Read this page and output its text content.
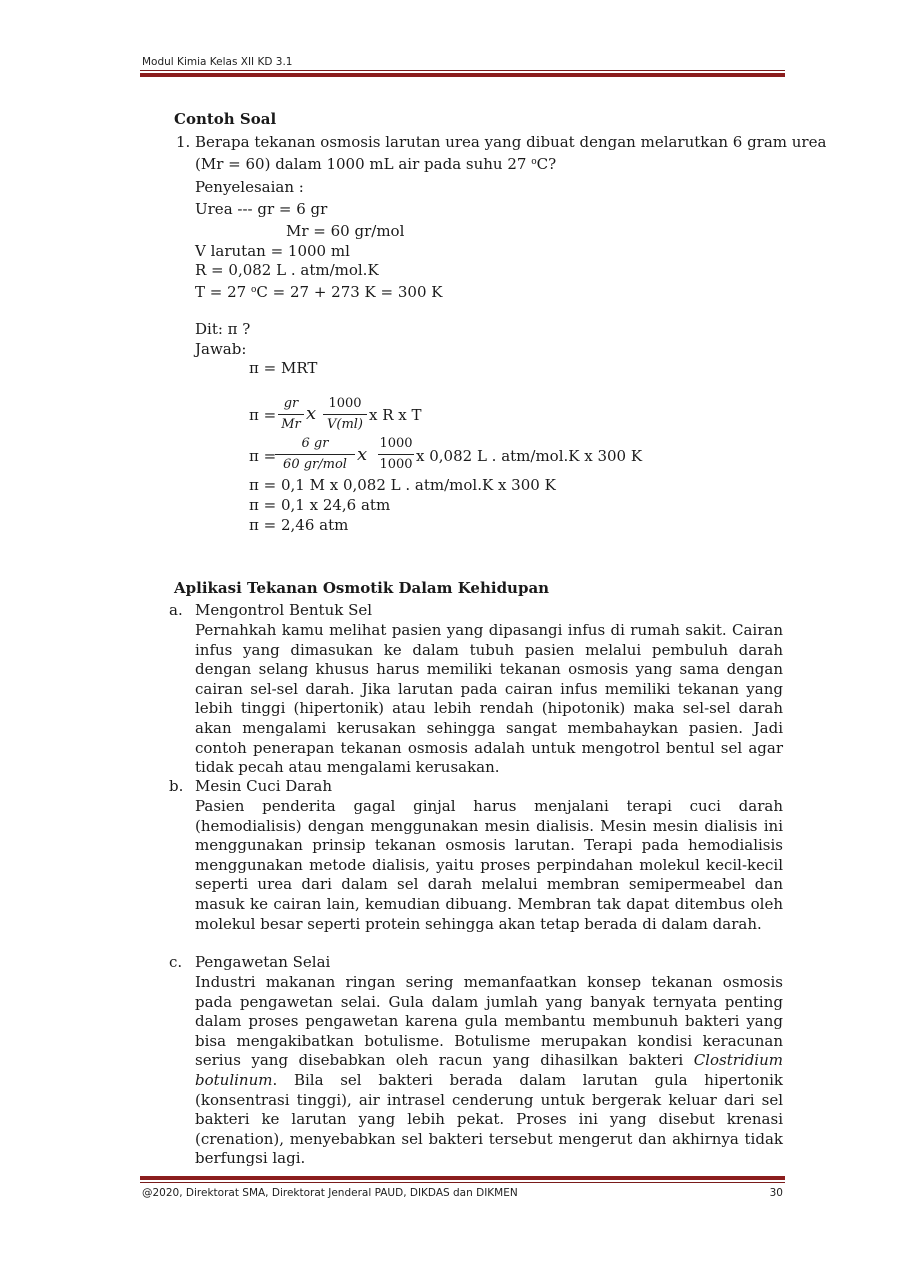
Modul Kimia Kelas XII KD 3.1
Contoh Soal
1. Berapa tekanan osmosis larutan urea yang dibuat dengan melarutkan 6 gram urea
(Mr = 60) dalam 1000 mL air pada suhu 27 $^o$C?
Penyelesaian :
Urea --- gr = 6 gr
Mr = 60 gr/mol
V larutan = 1000 ml
R = 0,082 L . atm/mol.K
T = 27 $^o$C = 27 + 273 K = 300 K
Dit: π ?
Jawab:
π = MRT
$\pi = \frac{gr}{Mr}$ x $\frac{1000}{V(ml)}$ x R x T
π =
6 gr
60 gr/mol x $\frac{1000}{1000}$ x 0,082 L . atm/mol.K x 300 K
π = 0,1 M x 0,082 L . atm/mol.K x 300 K
π = 0,1 x 24,6 atm
π = 2,46 atm
Aplikasi Tekanan Osmotik Dalam Kehidupan
a. Mengontrol Bentuk Sel
Pernahkah kamu melihat pasien yang dipasangi infus di rumah sakit. Cairan infus yang dimasukan ke dalam tubuh pasien melalui pembuluh darah dengan selang khusus harus memiliki tekanan osmosis yang sama dengan cairan sel-sel darah. Jika larutan pada cairan infus memiliki tekanan yang lebih tinggi (hipertonik) atau lebih rendah (hipotonik) maka sel-sel darah akan mengalami kerusakan sehingga sangat membahaykan pasien. Jadi contoh penerapan tekanan osmosis adalah untuk mengotrol bentul sel agar tidak pecah atau mengalami kerusakan.
b. Mesin Cuci Darah
Pasien penderita gagal ginjal harus menjalani terapi cuci darah (hemodialisis) dengan menggunakan mesin dialisis. Mesin mesin dialisis ini menggunakan prinsip tekanan osmosis larutan. Terapi pada hemodialisis menggunakan metode dialisis, yaitu proses perpindahan molekul kecil-kecil seperti urea dari dalam sel darah melalui membran semipermeabel dan masuk ke cairan lain, kemudian dibuang. Membran tak dapat ditembus oleh molekul besar seperti protein sehingga akan tetap berada di dalam darah.
c. Pengawetan Selai
Industri makanan ringan sering memanfaatkan konsep tekanan osmosis pada pengawetan selai. Gula dalam jumlah yang banyak ternyata penting dalam proses pengawetan karena gula membantu membunuh bakteri yang bisa mengakibatkan botulisme. Botulisme merupakan kondisi keracunan serius yang disebabkan oleh racun yang dihasilkan bakteri Clostridium botulinum. Bila sel bakteri berada dalam larutan gula hipertonik (konsentrasi tinggi), air intrasel cenderung untuk bergerak keluar dari sel bakteri ke larutan yang lebih pekat. Proses ini yang disebut krenasi (crenation), menyebabkan sel bakteri tersebut mengerut dan akhirnya tidak berfungsi lagi.
@2020, Direktorat SMA, Direktorat Jenderal PAUD, DIKDAS dan DIKMEN	30
